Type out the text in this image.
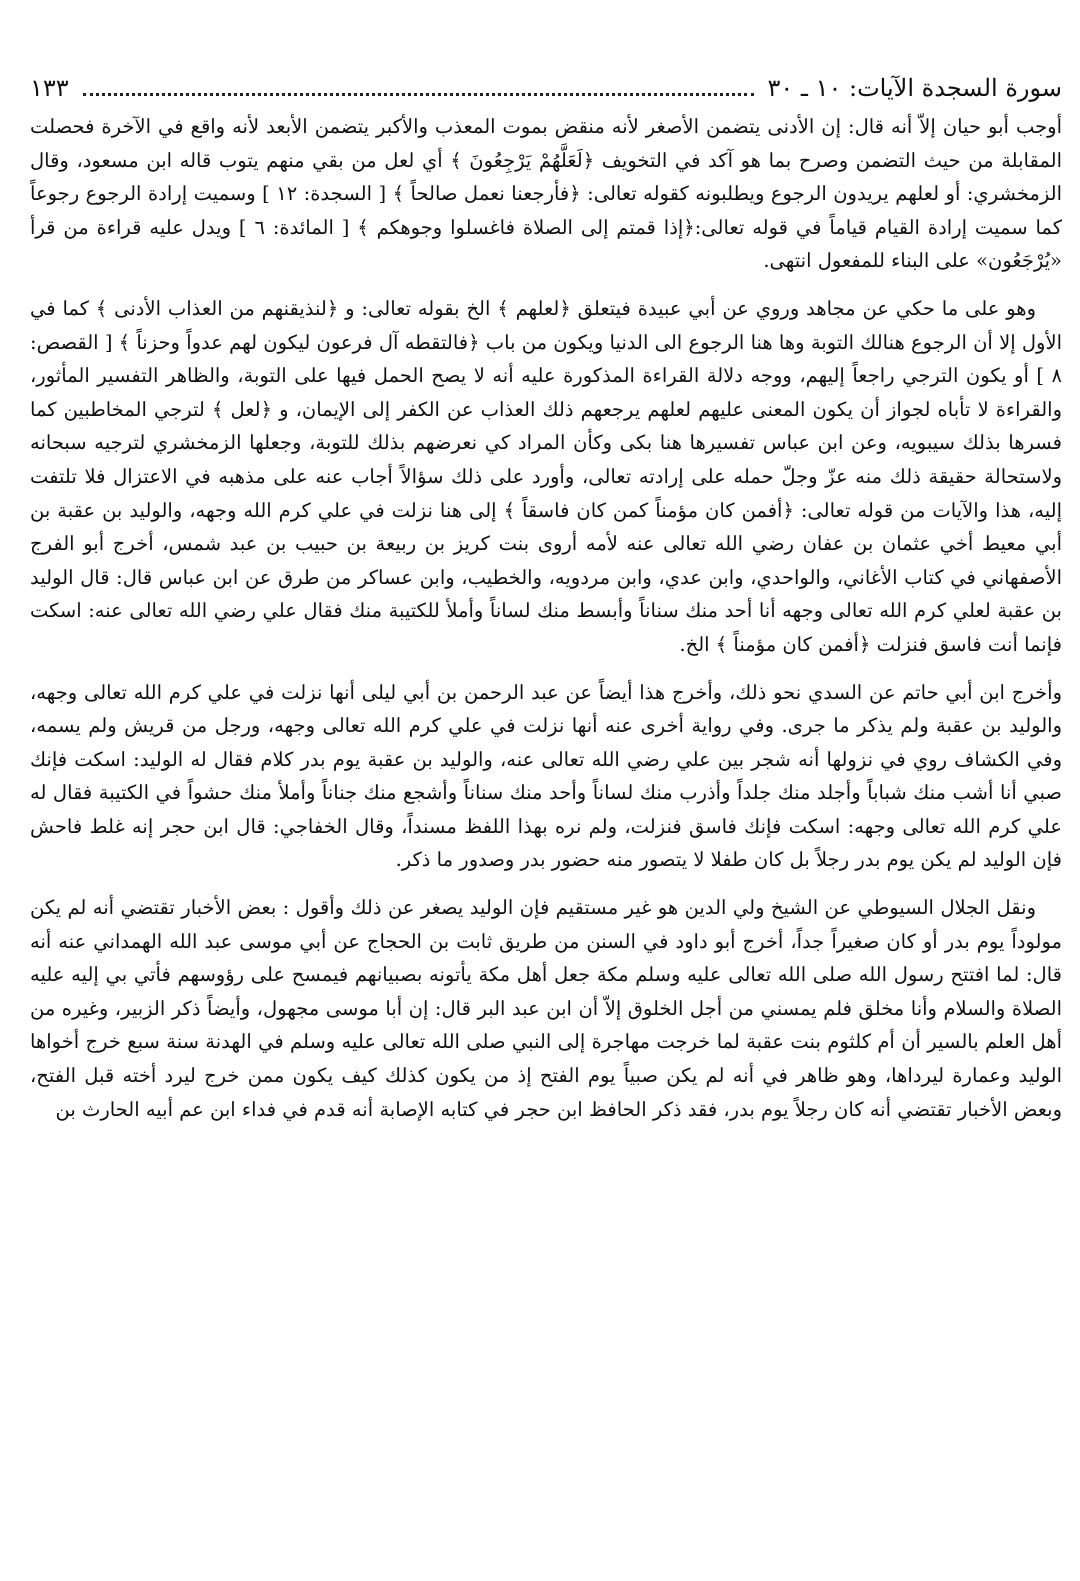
سورة السجدة الآيات: ١٠ ـ ٣٠
١٣٣

أوجب أبو حيان إلاّ أنه قال: إن الأدنى يتضمن الأصغر لأنه منقض بموت المعذب والأكبر يتضمن الأبعد لأنه واقع في الآخرة فحصلت المقابلة من حيث التضمن وصرح بما هو آكد في التخويف ﴿لَعَلَّهُمْ يَرْجِعُونَ ﴾ أي لعل من بقي منهم يتوب قاله ابن مسعود، وقال الزمخشري: أو لعلهم يريدون الرجوع ويطلبونه كقوله تعالى: ﴿فأرجعنا نعمل صالحاً ﴾ [ السجدة: ١٢ ] وسميت إرادة الرجوع رجوعاً كما سميت إرادة القيام قياماً في قوله تعالى:﴿إذا قمتم إلى الصلاة فاغسلوا وجوهكم ﴾ [ المائدة: ٦ ] ويدل عليه قراءة من قرأ «يُرْجَعُون» على البناء للمفعول انتهى.

وهو على ما حكي عن مجاهد وروي عن أبي عبيدة فيتعلق ﴿لعلهم ﴾ الخ بقوله تعالى: و ﴿لنذيقنهم من العذاب الأدنى ﴾ كما في الأول إلا أن الرجوع هنالك التوبة وها هنا الرجوع الى الدنيا ويكون من باب ﴿فالتقطه آل فرعون ليكون لهم عدواً وحزناً ﴾ [ القصص: ٨ ] أو يكون الترجي راجعاً إليهم، ووجه دلالة القراءة المذكورة عليه أنه لا يصح الحمل فيها على التوبة، والظاهر التفسير المأثور، والقراءة لا تأباه لجواز أن يكون المعنى عليهم لعلهم يرجعهم ذلك العذاب عن الكفر إلى الإيمان، و ﴿لعل ﴾ لترجي المخاطبين كما فسرها بذلك سيبويه، وعن ابن عباس تفسيرها هنا بكى وكأن المراد كي نعرضهم بذلك للتوبة، وجعلها الزمخشري لترجيه سبحانه ولاستحالة حقيقة ذلك منه عزّ وجلّ حمله على إرادته تعالى، وأورد على ذلك سؤالاً أجاب عنه على مذهبه في الاعتزال فلا تلتفت إليه، هذا والآيات من قوله تعالى: ﴿أفمن كان مؤمناً كمن كان فاسقاً ﴾ إلى هنا نزلت في علي كرم الله وجهه، والوليد بن عقبة بن أبي معيط أخي عثمان بن عفان رضي الله تعالى عنه لأمه أروى بنت كريز بن ربيعة بن حبيب بن عبد شمس، أخرج أبو الفرج الأصفهاني في كتاب الأغاني، والواحدي، وابن عدي، وابن مردويه، والخطيب، وابن عساكر من طرق عن ابن عباس قال: قال الوليد بن عقبة لعلي كرم الله تعالى وجهه أنا أحد منك سناناً وأبسط منك لساناً وأملأ للكتيبة منك فقال علي رضي الله تعالى عنه: اسكت فإنما أنت فاسق فنزلت ﴿أفمن كان مؤمناً ﴾ الخ.

وأخرج ابن أبي حاتم عن السدي نحو ذلك، وأخرج هذا أيضاً عن عبد الرحمن بن أبي ليلى أنها نزلت في علي كرم الله تعالى وجهه، والوليد بن عقبة ولم يذكر ما جرى. وفي رواية أخرى عنه أنها نزلت في علي كرم الله تعالى وجهه، ورجل من قريش ولم يسمه، وفي الكشاف روي في نزولها أنه شجر بين علي رضي الله تعالى عنه، والوليد بن عقبة يوم بدر كلام فقال له الوليد: اسكت فإنك صبي أنا أشب منك شباباً وأجلد منك جلداً وأذرب منك لساناً وأحد منك سناناً وأشجع منك جناناً وأملأ منك حشواً في الكتيبة فقال له علي كرم الله تعالى وجهه: اسكت فإنك فاسق فنزلت، ولم نره بهذا اللفظ مسنداً، وقال الخفاجي: قال ابن حجر إنه غلط فاحش فإن الوليد لم يكن يوم بدر رجلاً بل كان طفلا لا يتصور منه حضور بدر وصدور ما ذكر.

ونقل الجلال السيوطي عن الشيخ ولي الدين هو غير مستقيم فإن الوليد يصغر عن ذلك وأقول : بعض الأخبار تقتضي أنه لم يكن مولوداً يوم بدر أو كان صغيراً جداً، أخرج أبو داود في السنن من طريق ثابت بن الحجاج عن أبي موسى عبد الله الهمداني عنه أنه قال: لما افتتح رسول الله صلى الله تعالى عليه وسلم مكة جعل أهل مكة يأتونه بصبيانهم فيمسح على رؤوسهم فأتي بي إليه عليه الصلاة والسلام وأنا مخلق فلم يمسني من أجل الخلوق إلاّ أن ابن عبد البر قال: إن أبا موسى مجهول، وأيضاً ذكر الزبير، وغيره من أهل العلم بالسير أن أم كلثوم بنت عقبة لما خرجت مهاجرة إلى النبي صلى الله تعالى عليه وسلم في الهدنة سنة سبع خرج أخواها الوليد وعمارة ليرداها، وهو ظاهر في أنه لم يكن صبياً يوم الفتح إذ من يكون كذلك كيف يكون ممن خرج ليرد أخته قبل الفتح، وبعض الأخبار تقتضي أنه كان رجلاً يوم بدر، فقد ذكر الحافظ ابن حجر في كتابه الإصابة أنه قدم في فداء ابن عم أبيه الحارث بن
